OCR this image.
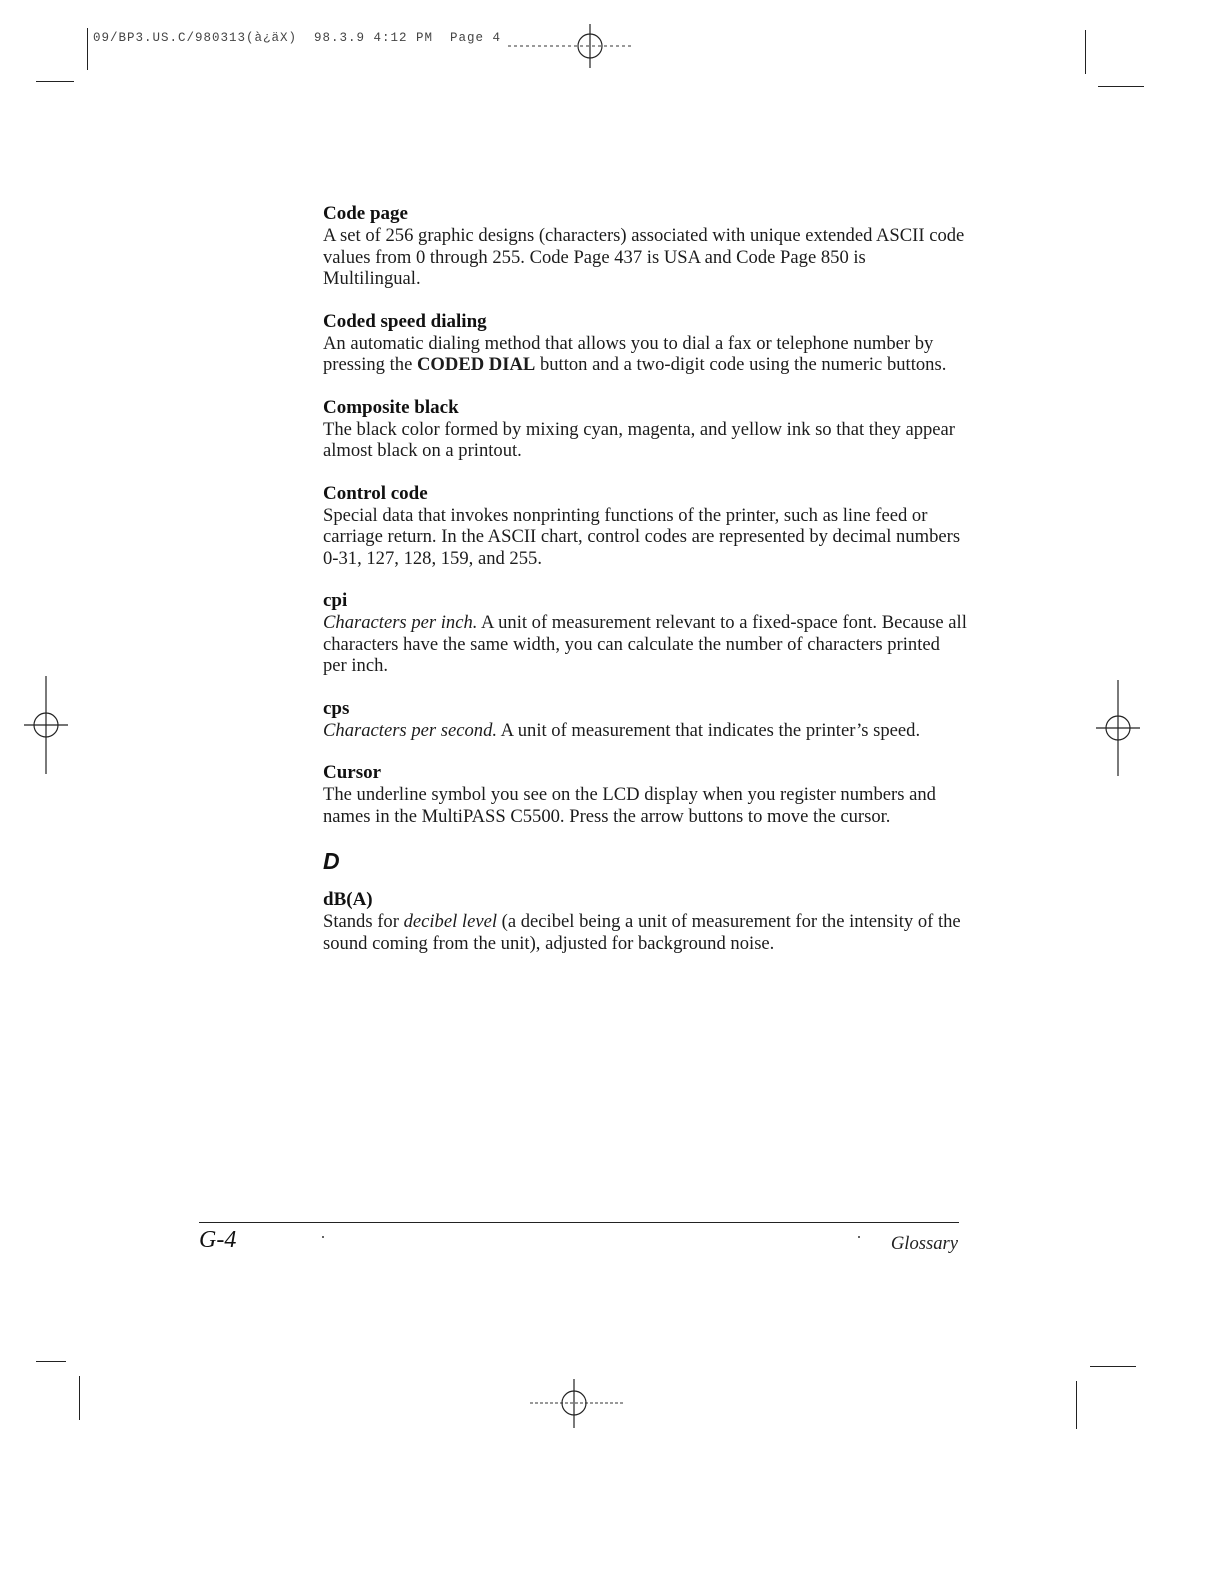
09/BP3.US.C/980313(à¿äX)  98.3.9 4:12 PM  Page 4

Code page

A set of 256 graphic designs (characters) associated with unique extended ASCII code values from 0 through 255. Code Page 437 is USA and Code Page 850 is Multilingual.

Coded speed dialing

An automatic dialing method that allows you to dial a fax or telephone number by pressing the CODED DIAL button and a two-digit code using the numeric buttons.

Composite black

The black color formed by mixing cyan, magenta, and yellow ink so that they appear almost black on a printout.

Control code

Special data that invokes nonprinting functions of the printer, such as line feed or carriage return. In the ASCII chart, control codes are represented by decimal numbers 0-31, 127, 128, 159, and 255.

cpi

Characters per inch. A unit of measurement relevant to a fixed-space font. Because all characters have the same width, you can calculate the number of characters printed per inch.

cps

Characters per second. A unit of measurement that indicates the printer’s speed.

Cursor

The underline symbol you see on the LCD display when you register numbers and names in the MultiPASS C5500. Press the arrow buttons to move the cursor.

D

dB(A)

Stands for decibel level (a decibel being a unit of measurement for the intensity of the sound coming from the unit), adjusted for background noise.

G-4	Glossary
